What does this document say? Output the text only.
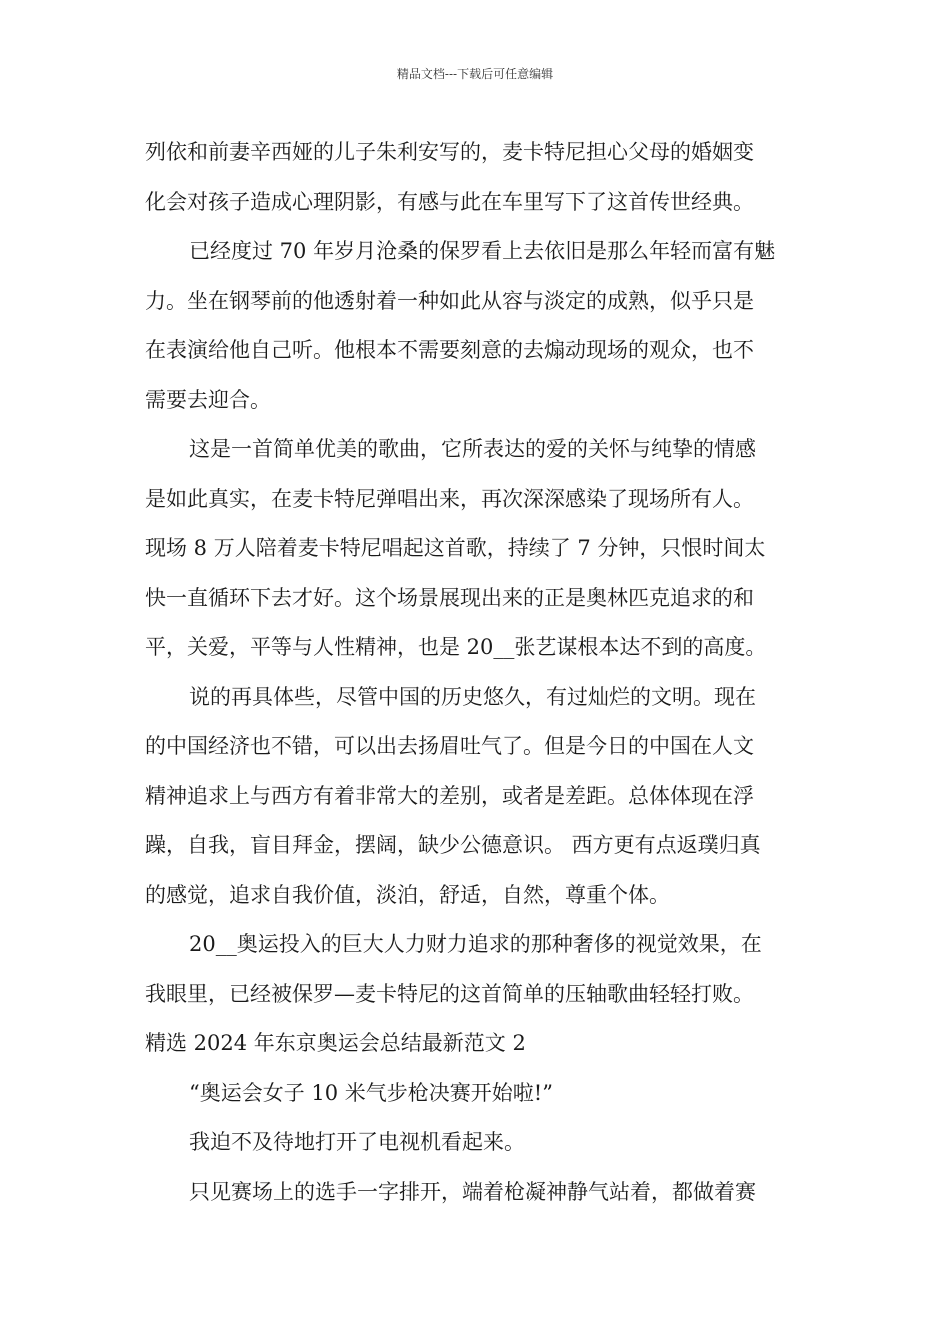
精品文档---下载后可任意编辑
列依和前妻辛西娅的儿子朱利安写的，麦卡特尼担心父母的婚姻变
化会对孩子造成心理阴影，有感与此在车里写下了这首传世经典。
已经度过 70 年岁月沧桑的保罗看上去依旧是那么年轻而富有魅
力。坐在钢琴前的他透射着一种如此从容与淡定的成熟，似乎只是
在表演给他自己听。他根本不需要刻意的去煽动现场的观众，也不
需要去迎合。
这是一首简单优美的歌曲，它所表达的爱的关怀与纯挚的情感
是如此真实，在麦卡特尼弹唱出来，再次深深感染了现场所有人。
现场 8 万人陪着麦卡特尼唱起这首歌，持续了 7 分钟，只恨时间太
快一直循环下去才好。这个场景展现出来的正是奥林匹克追求的和
平，关爱，平等与人性精神，也是 20__张艺谋根本达不到的高度。
说的再具体些，尽管中国的历史悠久，有过灿烂的文明。现在
的中国经济也不错，可以出去扬眉吐气了。但是今日的中国在人文
精神追求上与西方有着非常大的差别，或者是差距。总体体现在浮
躁，自我，盲目拜金，摆阔，缺少公德意识。 西方更有点返璞归真
的感觉，追求自我价值，淡泊，舒适，自然，尊重个体。
20__奥运投入的巨大人力财力追求的那种奢侈的视觉效果，在
我眼里，已经被保罗—麦卡特尼的这首简单的压轴歌曲轻轻打败。
精选 2024 年东京奥运会总结最新范文 2
“奥运会女子 10 米气步枪决赛开始啦!”
我迫不及待地打开了电视机看起来。
只见赛场上的选手一字排开，端着枪凝神静气站着，都做着赛
